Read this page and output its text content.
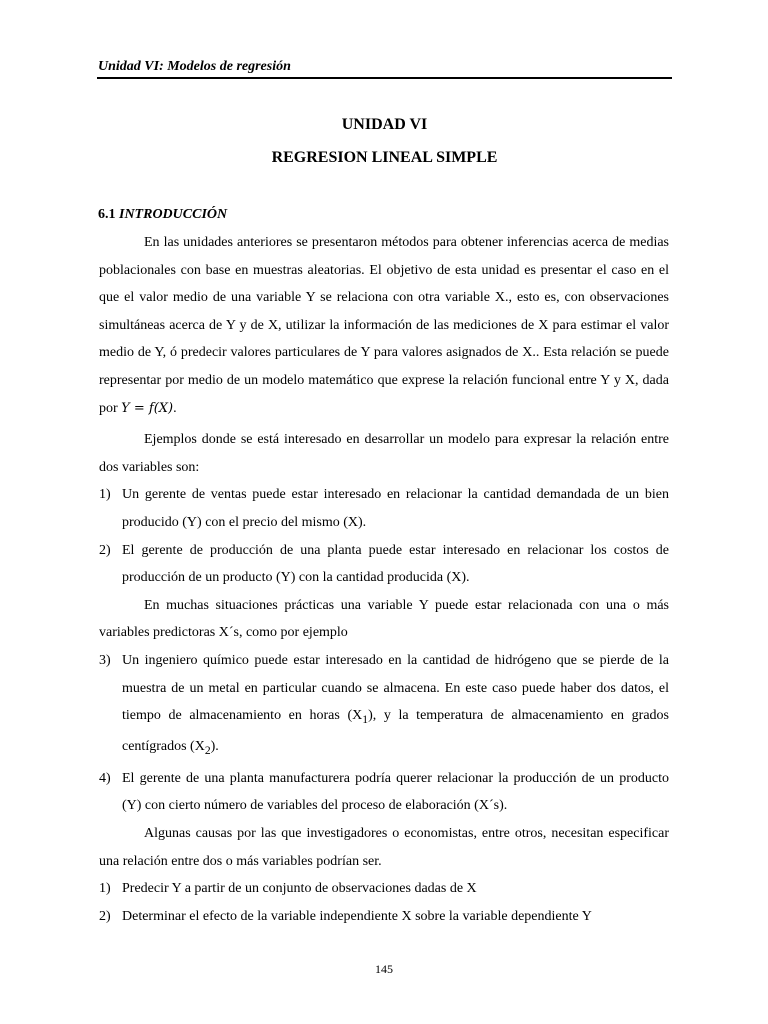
Unidad VI: Modelos de regresión
UNIDAD VI
REGRESION LINEAL SIMPLE
6.1 INTRODUCCIÓN

En las unidades anteriores se presentaron métodos para obtener inferencias acerca de medias poblacionales con base en muestras aleatorias. El objetivo de esta unidad es presentar el caso en el que el valor medio de una variable Y se relaciona con otra variable X., esto es, con observaciones simultáneas acerca de Y y de X, utilizar la información de las mediciones de X para estimar el valor medio de Y, ó predecir valores particulares de Y para valores asignados de X.. Esta relación se puede representar por medio de un modelo matemático que exprese la relación funcional entre Y y X, dada por Y = f(X).

Ejemplos donde se está interesado en desarrollar un modelo para expresar la relación entre dos variables son:

1) Un gerente de ventas puede estar interesado en relacionar la cantidad demandada de un bien producido (Y) con el precio del mismo (X).
2) El gerente de producción de una planta puede estar interesado en relacionar los costos de producción de un producto (Y) con la cantidad producida (X).

En muchas situaciones prácticas una variable Y puede estar relacionada con una o más variables predictoras X´s, como por ejemplo

3) Un ingeniero químico puede estar interesado en la cantidad de hidrógeno que se pierde de la muestra de un metal en particular cuando se almacena. En este caso puede haber dos datos, el tiempo de almacenamiento en horas $(X_1)$, y la temperatura de almacenamiento en grados centígrados $(X_2)$.
4) El gerente de una planta manufacturera podría querer relacionar la producción de un producto (Y) con cierto número de variables del proceso de elaboración (X´s).

Algunas causas por las que investigadores o economistas, entre otros, necesitan especificar una relación entre dos o más variables podrían ser.

1) Predecir Y a partir de un conjunto de observaciones dadas de X
2) Determinar el efecto de la variable independiente X sobre la variable dependiente Y
145
